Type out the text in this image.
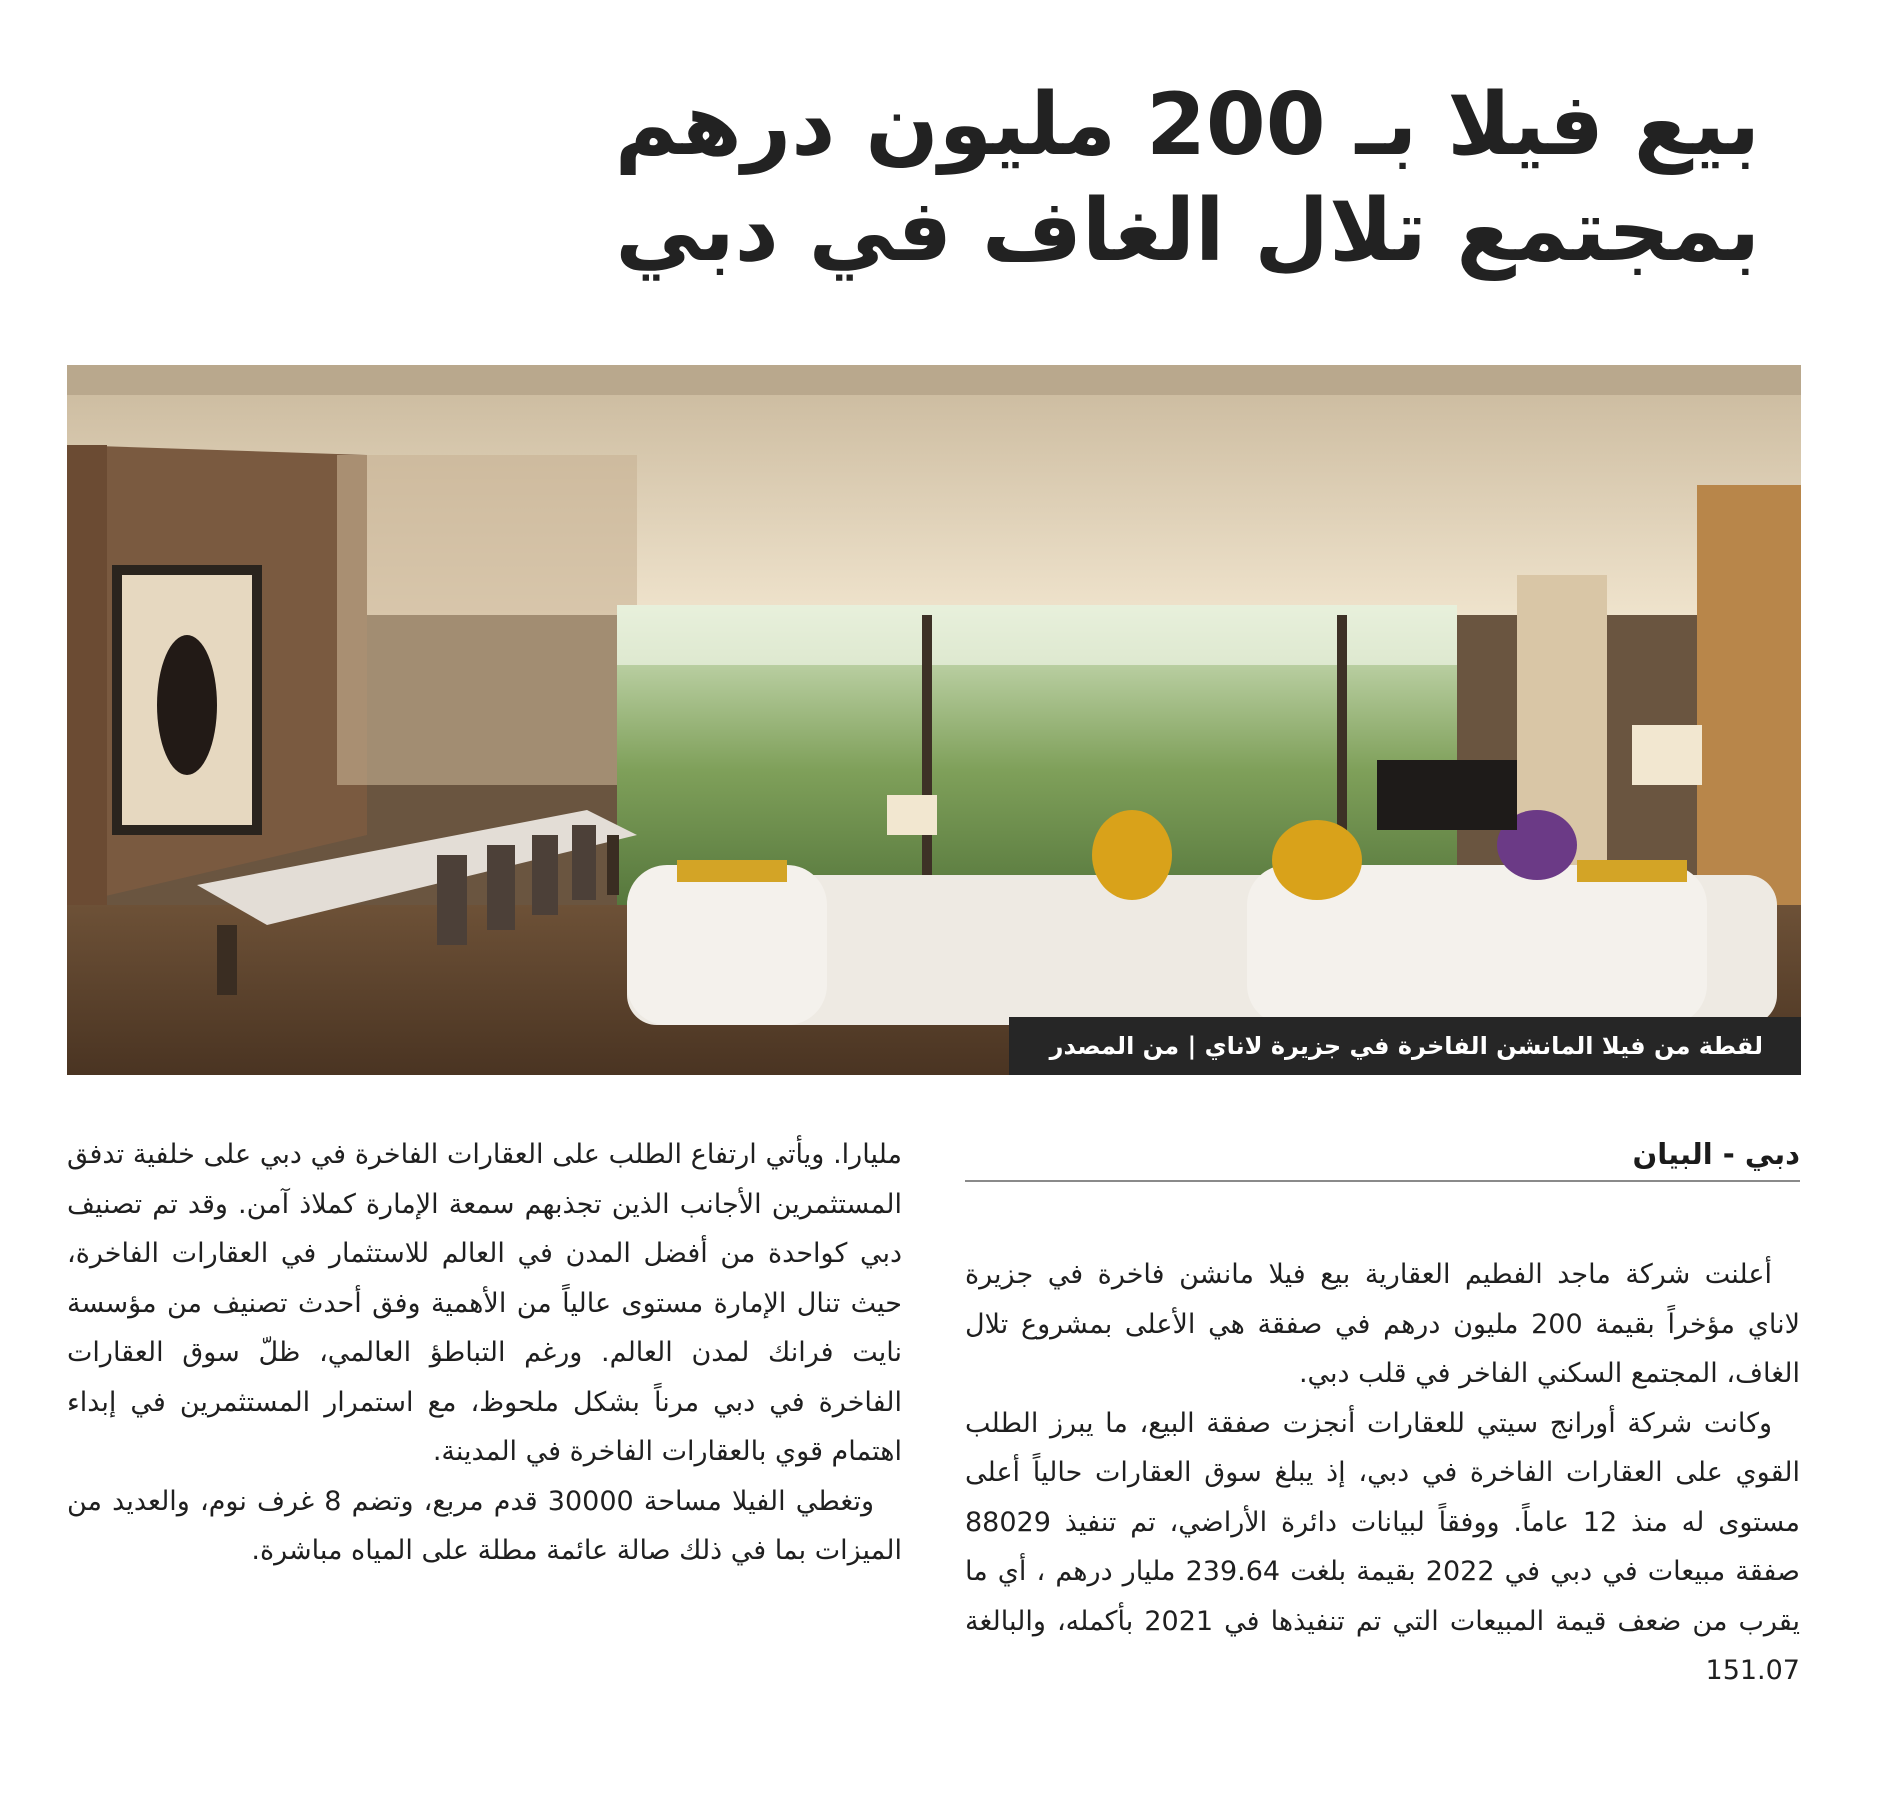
بيع فيلا بـ 200 مليون درهم
بمجتمع تلال الغاف في دبي
لقطة من فيلا المانشن الفاخرة في جزيرة لاناي | من المصدر
دبي - البيان

أعلنت شركة ماجد الفطيم العقارية بيع فيلا مانشن فاخرة في جزيرة لاناي مؤخراً بقيمة 200 مليون درهم في صفقة هي الأعلى بمشروع تلال الغاف، المجتمع السكني الفاخر في قلب دبي.

وكانت شركة أورانج سيتي للعقارات أنجزت صفقة البيع، ما يبرز الطلب القوي على العقارات الفاخرة في دبي، إذ يبلغ سوق العقارات حالياً أعلى مستوى له منذ 12 عاماً. ووفقاً لبيانات دائرة الأراضي، تم تنفيذ 88029 صفقة مبيعات في دبي في 2022 بقيمة بلغت 239.64 مليار درهم ، أي ما يقرب من ضعف قيمة المبيعات التي تم تنفيذها في 2021 بأكمله، والبالغة 151.07

مليارا. ويأتي ارتفاع الطلب على العقارات الفاخرة في دبي على خلفية تدفق المستثمرين الأجانب الذين تجذبهم سمعة الإمارة كملاذ آمن. وقد تم تصنيف دبي كواحدة من أفضل المدن في العالم للاستثمار في العقارات الفاخرة، حيث تنال الإمارة مستوى عالياً من الأهمية وفق أحدث تصنيف من مؤسسة نايت فرانك لمدن العالم. ورغم التباطؤ العالمي، ظلّ سوق العقارات الفاخرة في دبي مرناً بشكل ملحوظ، مع استمرار المستثمرين في إبداء اهتمام قوي بالعقارات الفاخرة في المدينة.

وتغطي الفيلا مساحة 30000 قدم مربع، وتضم 8 غرف نوم، والعديد من الميزات بما في ذلك صالة عائمة مطلة على المياه مباشرة.
